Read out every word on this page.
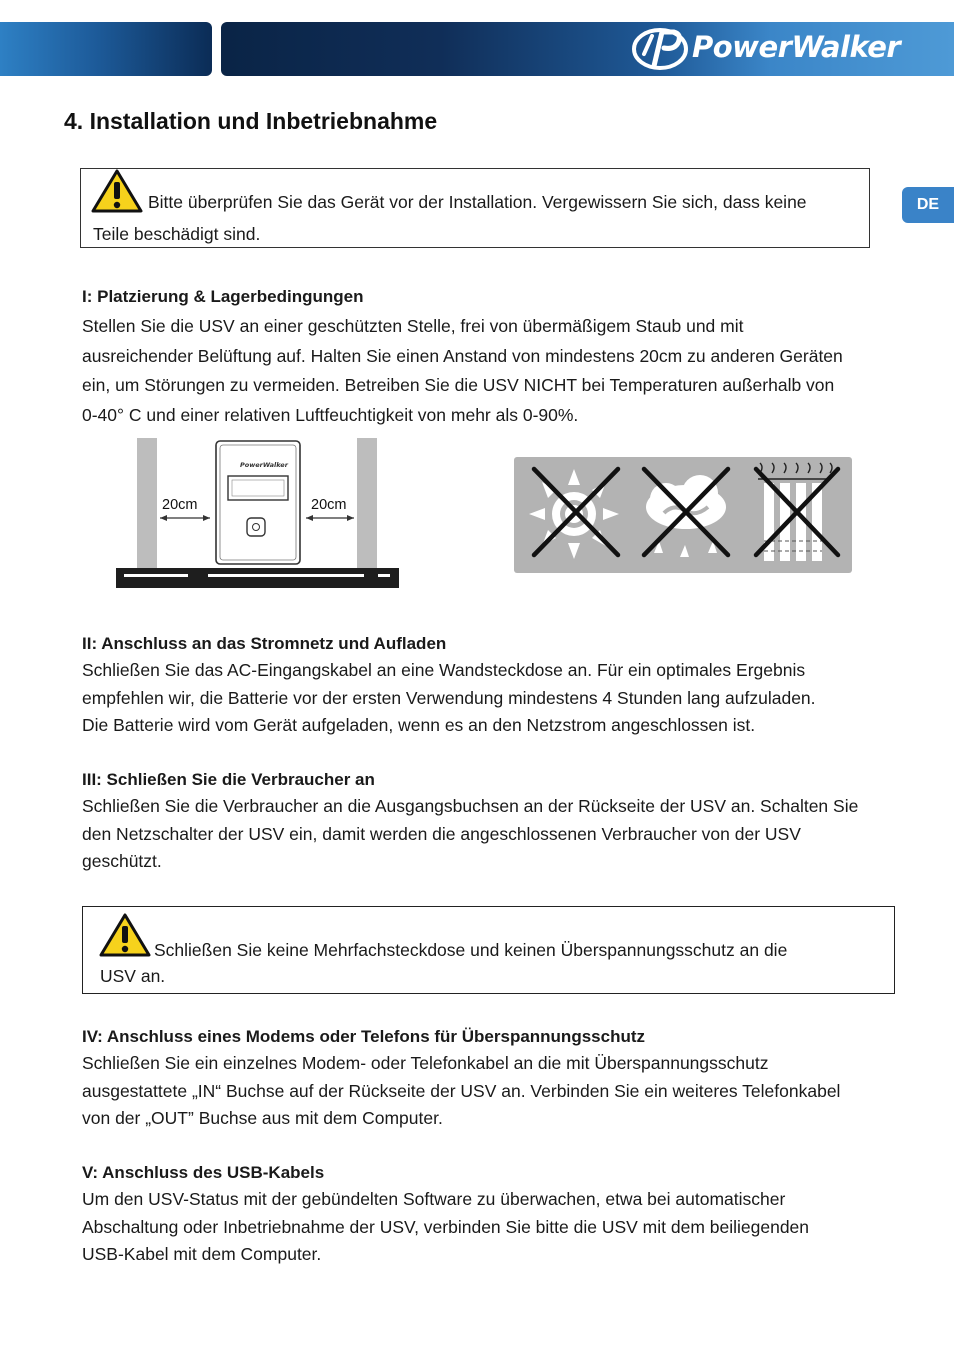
PowerWalker
DE
4. Installation und Inbetriebnahme
Bitte überprüfen Sie das Gerät vor der Installation. Vergewissern Sie sich, dass keine
Teile beschädigt sind.

I: Platzierung & Lagerbedingungen

Stellen Sie die USV an einer geschützten Stelle, frei von übermäßigem Staub und mit

ausreichender Belüftung auf. Halten Sie einen Anstand von mindestens 20cm zu anderen Geräten

ein, um Störungen zu vermeiden. Betreiben Sie die USV NICHT bei Temperaturen außerhalb von

0-40° C und einer relativen Luftfeuchtigkeit von mehr als 0-90%.

PowerWalker
20cm	20cm

II: Anschluss an das Stromnetz und Aufladen

Schließen Sie das AC-Eingangskabel an eine Wandsteckdose an. Für ein optimales Ergebnis

empfehlen wir, die Batterie vor der ersten Verwendung mindestens 4 Stunden lang aufzuladen.

Die Batterie wird vom Gerät aufgeladen, wenn es an den Netzstrom angeschlossen ist.

III: Schließen Sie die Verbraucher an

Schließen Sie die Verbraucher an die Ausgangsbuchsen an der Rückseite der USV an. Schalten Sie

den Netzschalter der USV ein, damit werden die angeschlossenen Verbraucher von der USV

geschützt.

Schließen Sie keine Mehrfachsteckdose und keinen Überspannungsschutz an die
USV an.

IV: Anschluss eines Modems oder Telefons für Überspannungsschutz

Schließen Sie ein einzelnes Modem- oder Telefonkabel an die mit Überspannungsschutz

ausgestattete „IN“ Buchse auf der Rückseite der USV an. Verbinden Sie ein weiteres Telefonkabel

von der „OUT” Buchse aus mit dem Computer.

V: Anschluss des USB-Kabels

Um den USV-Status mit der gebündelten Software zu überwachen, etwa bei automatischer

Abschaltung oder Inbetriebnahme der USV, verbinden Sie bitte die USV mit dem beiliegenden

USB-Kabel mit dem Computer.
